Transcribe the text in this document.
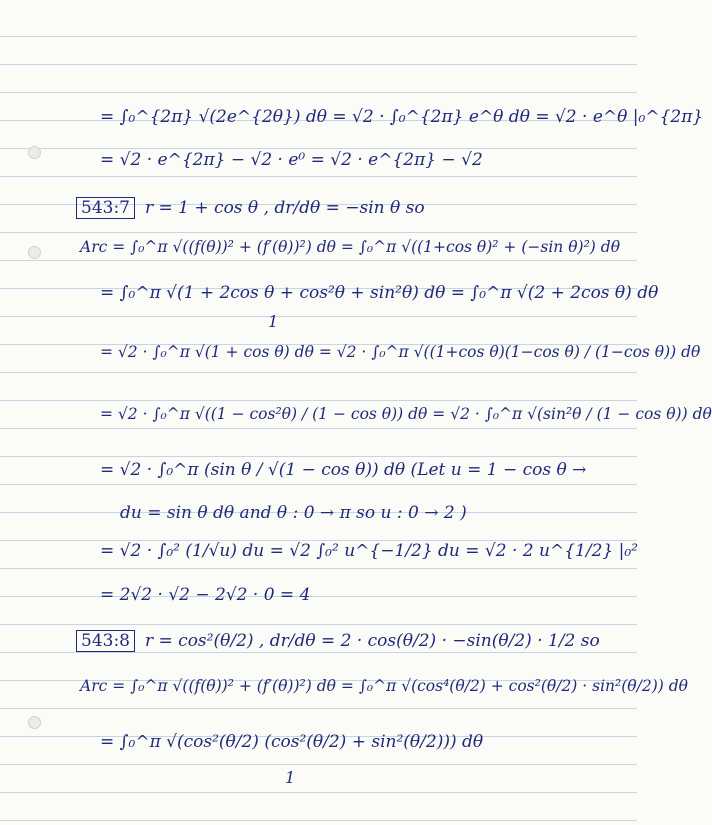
= ∫₀^{2π} √(2e^{2θ}) dθ = √2 · ∫₀^{2π} e^θ dθ = √2 · e^θ |₀^{2π}
= √2 · e^{2π} − √2 · e⁰ = √2 · e^{2π} − √2
543:7 r = 1 + cos θ , dr/dθ = −sin θ so
Arc = ∫₀^π √((f(θ))² + (f′(θ))²) dθ = ∫₀^π √((1+cos θ)² + (−sin θ)²) dθ
= ∫₀^π √(1 + 2cos θ + cos²θ + sin²θ) dθ = ∫₀^π √(2 + 2cos θ) dθ
1
= √2 · ∫₀^π √(1 + cos θ) dθ = √2 · ∫₀^π √((1+cos θ)(1−cos θ) / (1−cos θ)) dθ
= √2 · ∫₀^π √((1 − cos²θ) / (1 − cos θ)) dθ = √2 · ∫₀^π √(sin²θ / (1 − cos θ)) dθ
= √2 · ∫₀^π (sin θ / √(1 − cos θ)) dθ (Let u = 1 − cos θ →
du = sin θ dθ and θ : 0 → π so u : 0 → 2 )
= √2 · ∫₀² (1/√u) du = √2 ∫₀² u^{−1/2} du = √2 · 2 u^{1/2} |₀²
= 2√2 · √2 − 2√2 · 0 = 4
543:8 r = cos²(θ/2) , dr/dθ = 2 · cos(θ/2) · −sin(θ/2) · 1/2 so
Arc = ∫₀^π √((f(θ))² + (f′(θ))²) dθ = ∫₀^π √(cos⁴(θ/2) + cos²(θ/2) · sin²(θ/2)) dθ
= ∫₀^π √(cos²(θ/2) (cos²(θ/2) + sin²(θ/2))) dθ
1
